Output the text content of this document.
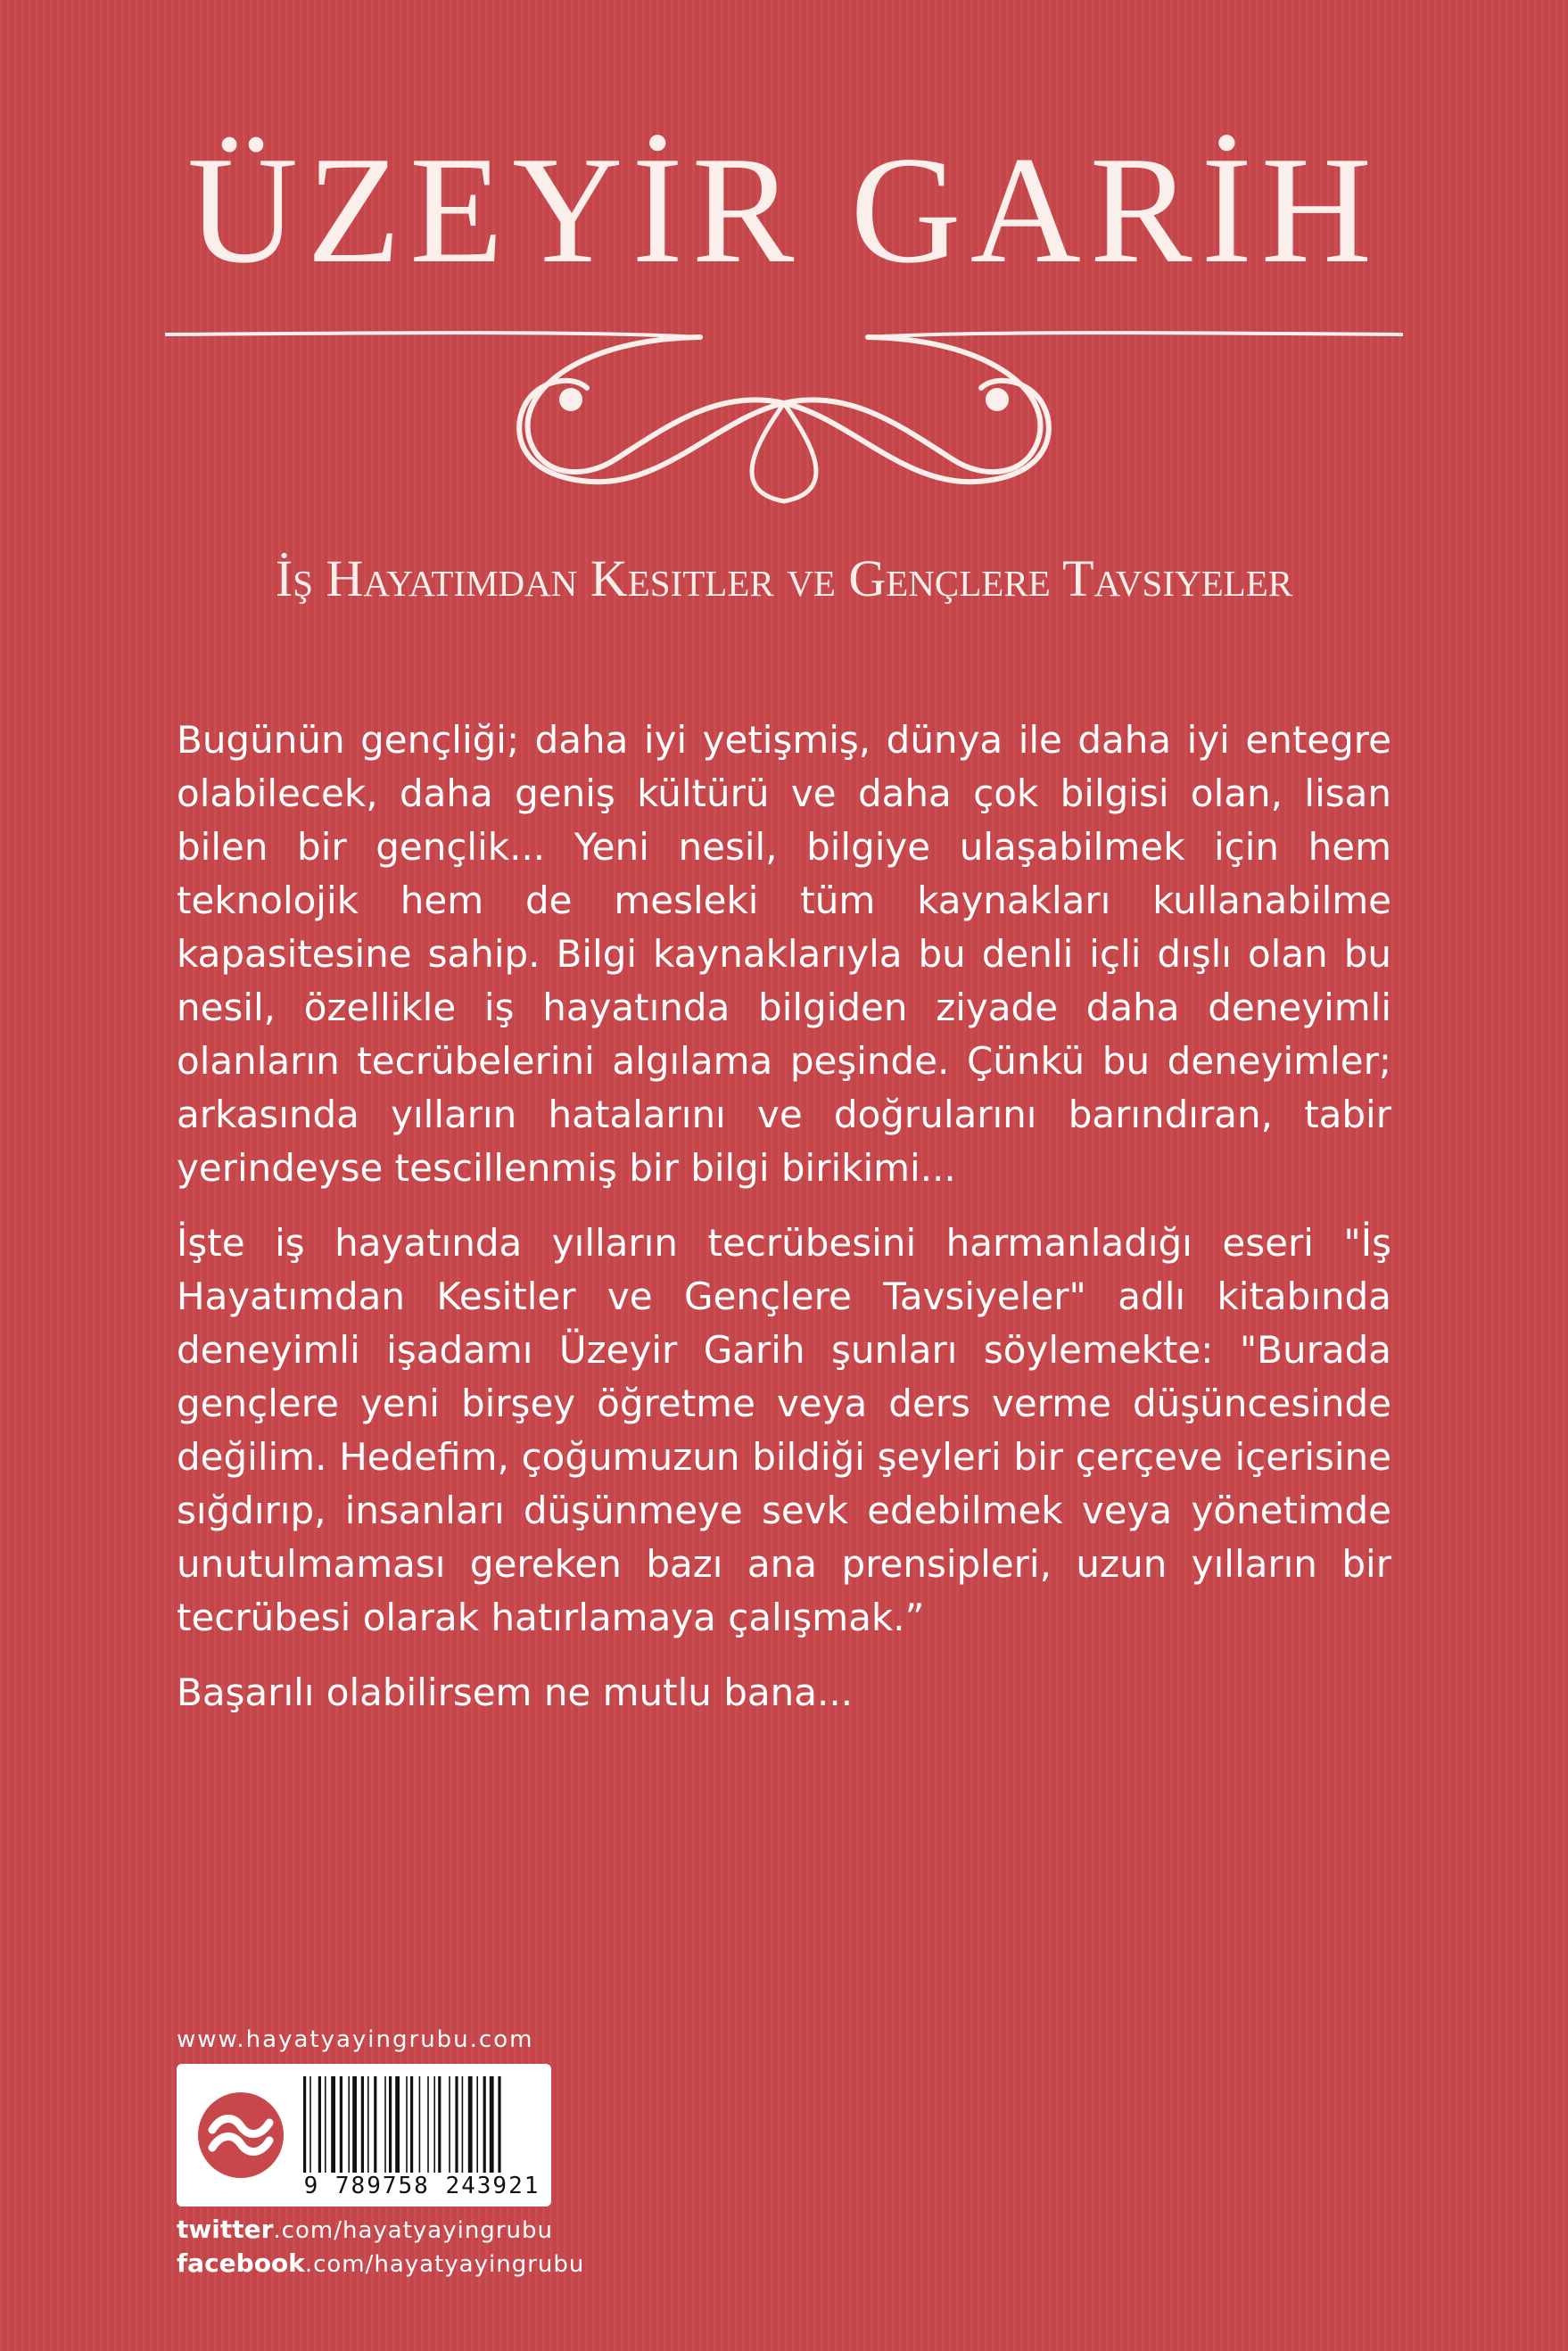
ÜZEYİR GARİH
İş Hayatımdan Kesitler ve Gençlere Tavsiyeler

Bugünün gençliği; daha iyi yetişmiş, dünya ile daha iyi entegre olabilecek, daha geniş kültürü ve daha çok bilgisi olan, lisan bilen bir gençlik... Yeni nesil, bilgiye ulaşabilmek için hem teknolojik hem de mesleki tüm kaynakları kullanabilme kapasitesine sahip. Bilgi kaynaklarıyla bu denli içli dışlı olan bu nesil, özellikle iş hayatında bilgiden ziyade daha deneyimli olanların tecrübelerini algılama peşinde. Çünkü bu deneyimler; arkasında yılların hatalarını ve doğrularını barındıran, tabir yerindeyse tescillenmiş bir bilgi birikimi...

İşte iş hayatında yılların tecrübesini harmanladığı eseri "İş Hayatımdan Kesitler ve Gençlere Tavsiyeler" adlı kitabında deneyimli işadamı Üzeyir Garih şunları söylemekte: "Burada gençlere yeni birşey öğretme veya ders verme düşüncesinde değilim. Hedefim, çoğumuzun bildiği şeyleri bir çerçeve içerisine sığdırıp, insanları düşünmeye sevk edebilmek veya yönetimde unutulmaması gereken bazı ana prensipleri, uzun yılların bir tecrübesi olarak hatırlamaya çalışmak.”

Başarılı olabilirsem ne mutlu bana...

www.hayatyayingrubu.com
9 789758 243921
twitter.com/hayatyayingrubu
facebook.com/hayatyayingrubu
